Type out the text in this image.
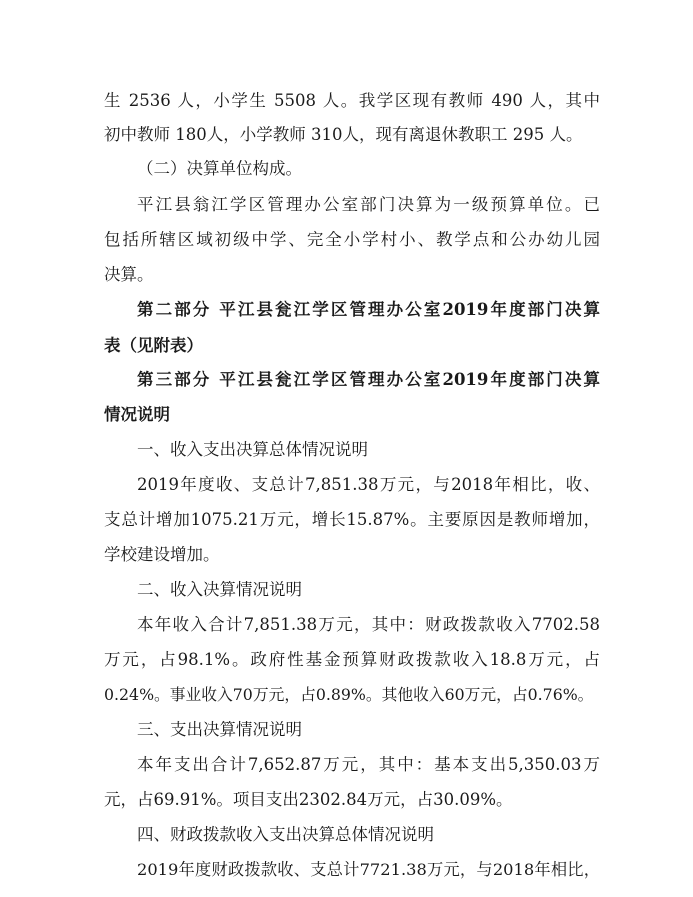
生 2536 人，小学生 5508 人。我学区现有教师 490 人，其中

初中教师 180人，小学教师 310人，现有离退休教职工 295 人。

（二）决算单位构成。

平江县翁江学区管理办公室部门决算为一级预算单位。已

包括所辖区域初级中学、完全小学村小、教学点和公办幼儿园

决算。

第二部分 平江县瓮江学区管理办公室2019年度部门决算

表（见附表）

第三部分 平江县瓮江学区管理办公室2019年度部门决算

情况说明

一、收入支出决算总体情况说明

2019年度收、支总计7,851.38万元，与2018年相比，收、

支总计增加1075.21万元，增长15.87%。主要原因是教师增加，

学校建设增加。

二、收入决算情况说明

本年收入合计7,851.38万元，其中：财政拨款收入7702.58

万元，占98.1%。政府性基金预算财政拨款收入18.8万元，占

0.24%。事业收入70万元，占0.89%。其他收入60万元，占0.76%。

三、支出决算情况说明

本年支出合计7,652.87万元，其中：基本支出5,350.03万

元，占69.91%。项目支出2302.84万元，占30.09%。

四、财政拨款收入支出决算总体情况说明

2019年度财政拨款收、支总计7721.38万元，与2018年相比，
